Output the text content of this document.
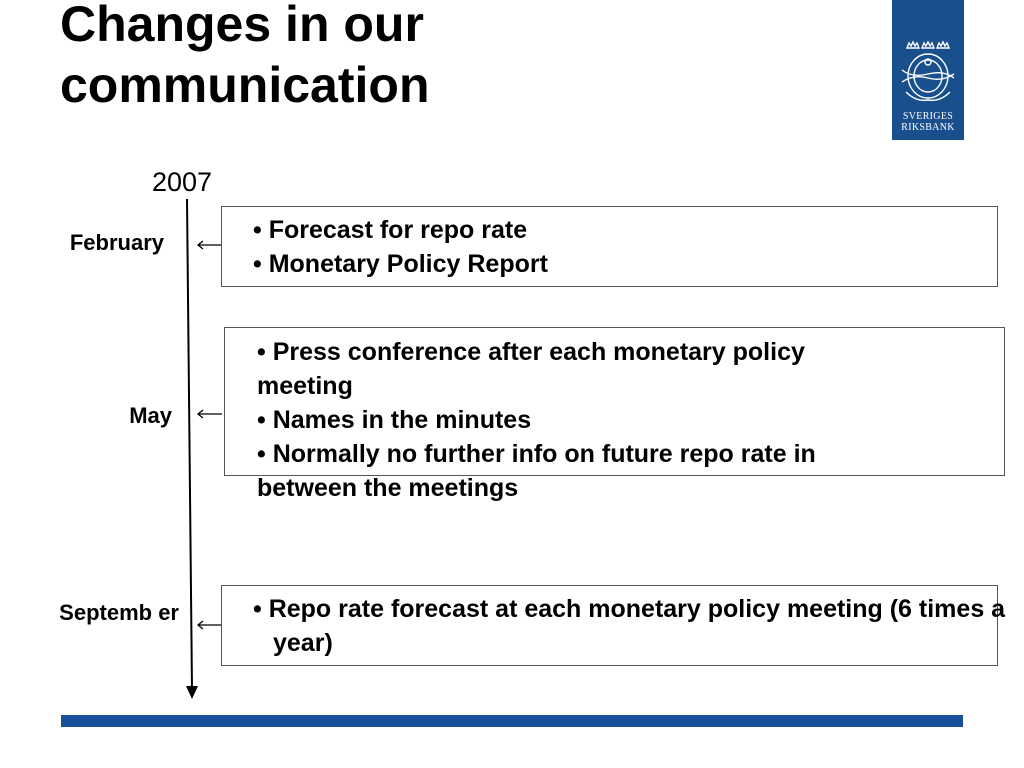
Changes in our communication
SVERIGES
RIKSBANK
2007
February	• Forecast for repo rate
• Monetary Policy Report
May
• Press conference after each monetary policy meeting
• Names in the minutes
• Normally no further info on future repo rate in between the meetings
Septemb er	• Repo rate forecast at each monetary policy meeting (6 times a year)
